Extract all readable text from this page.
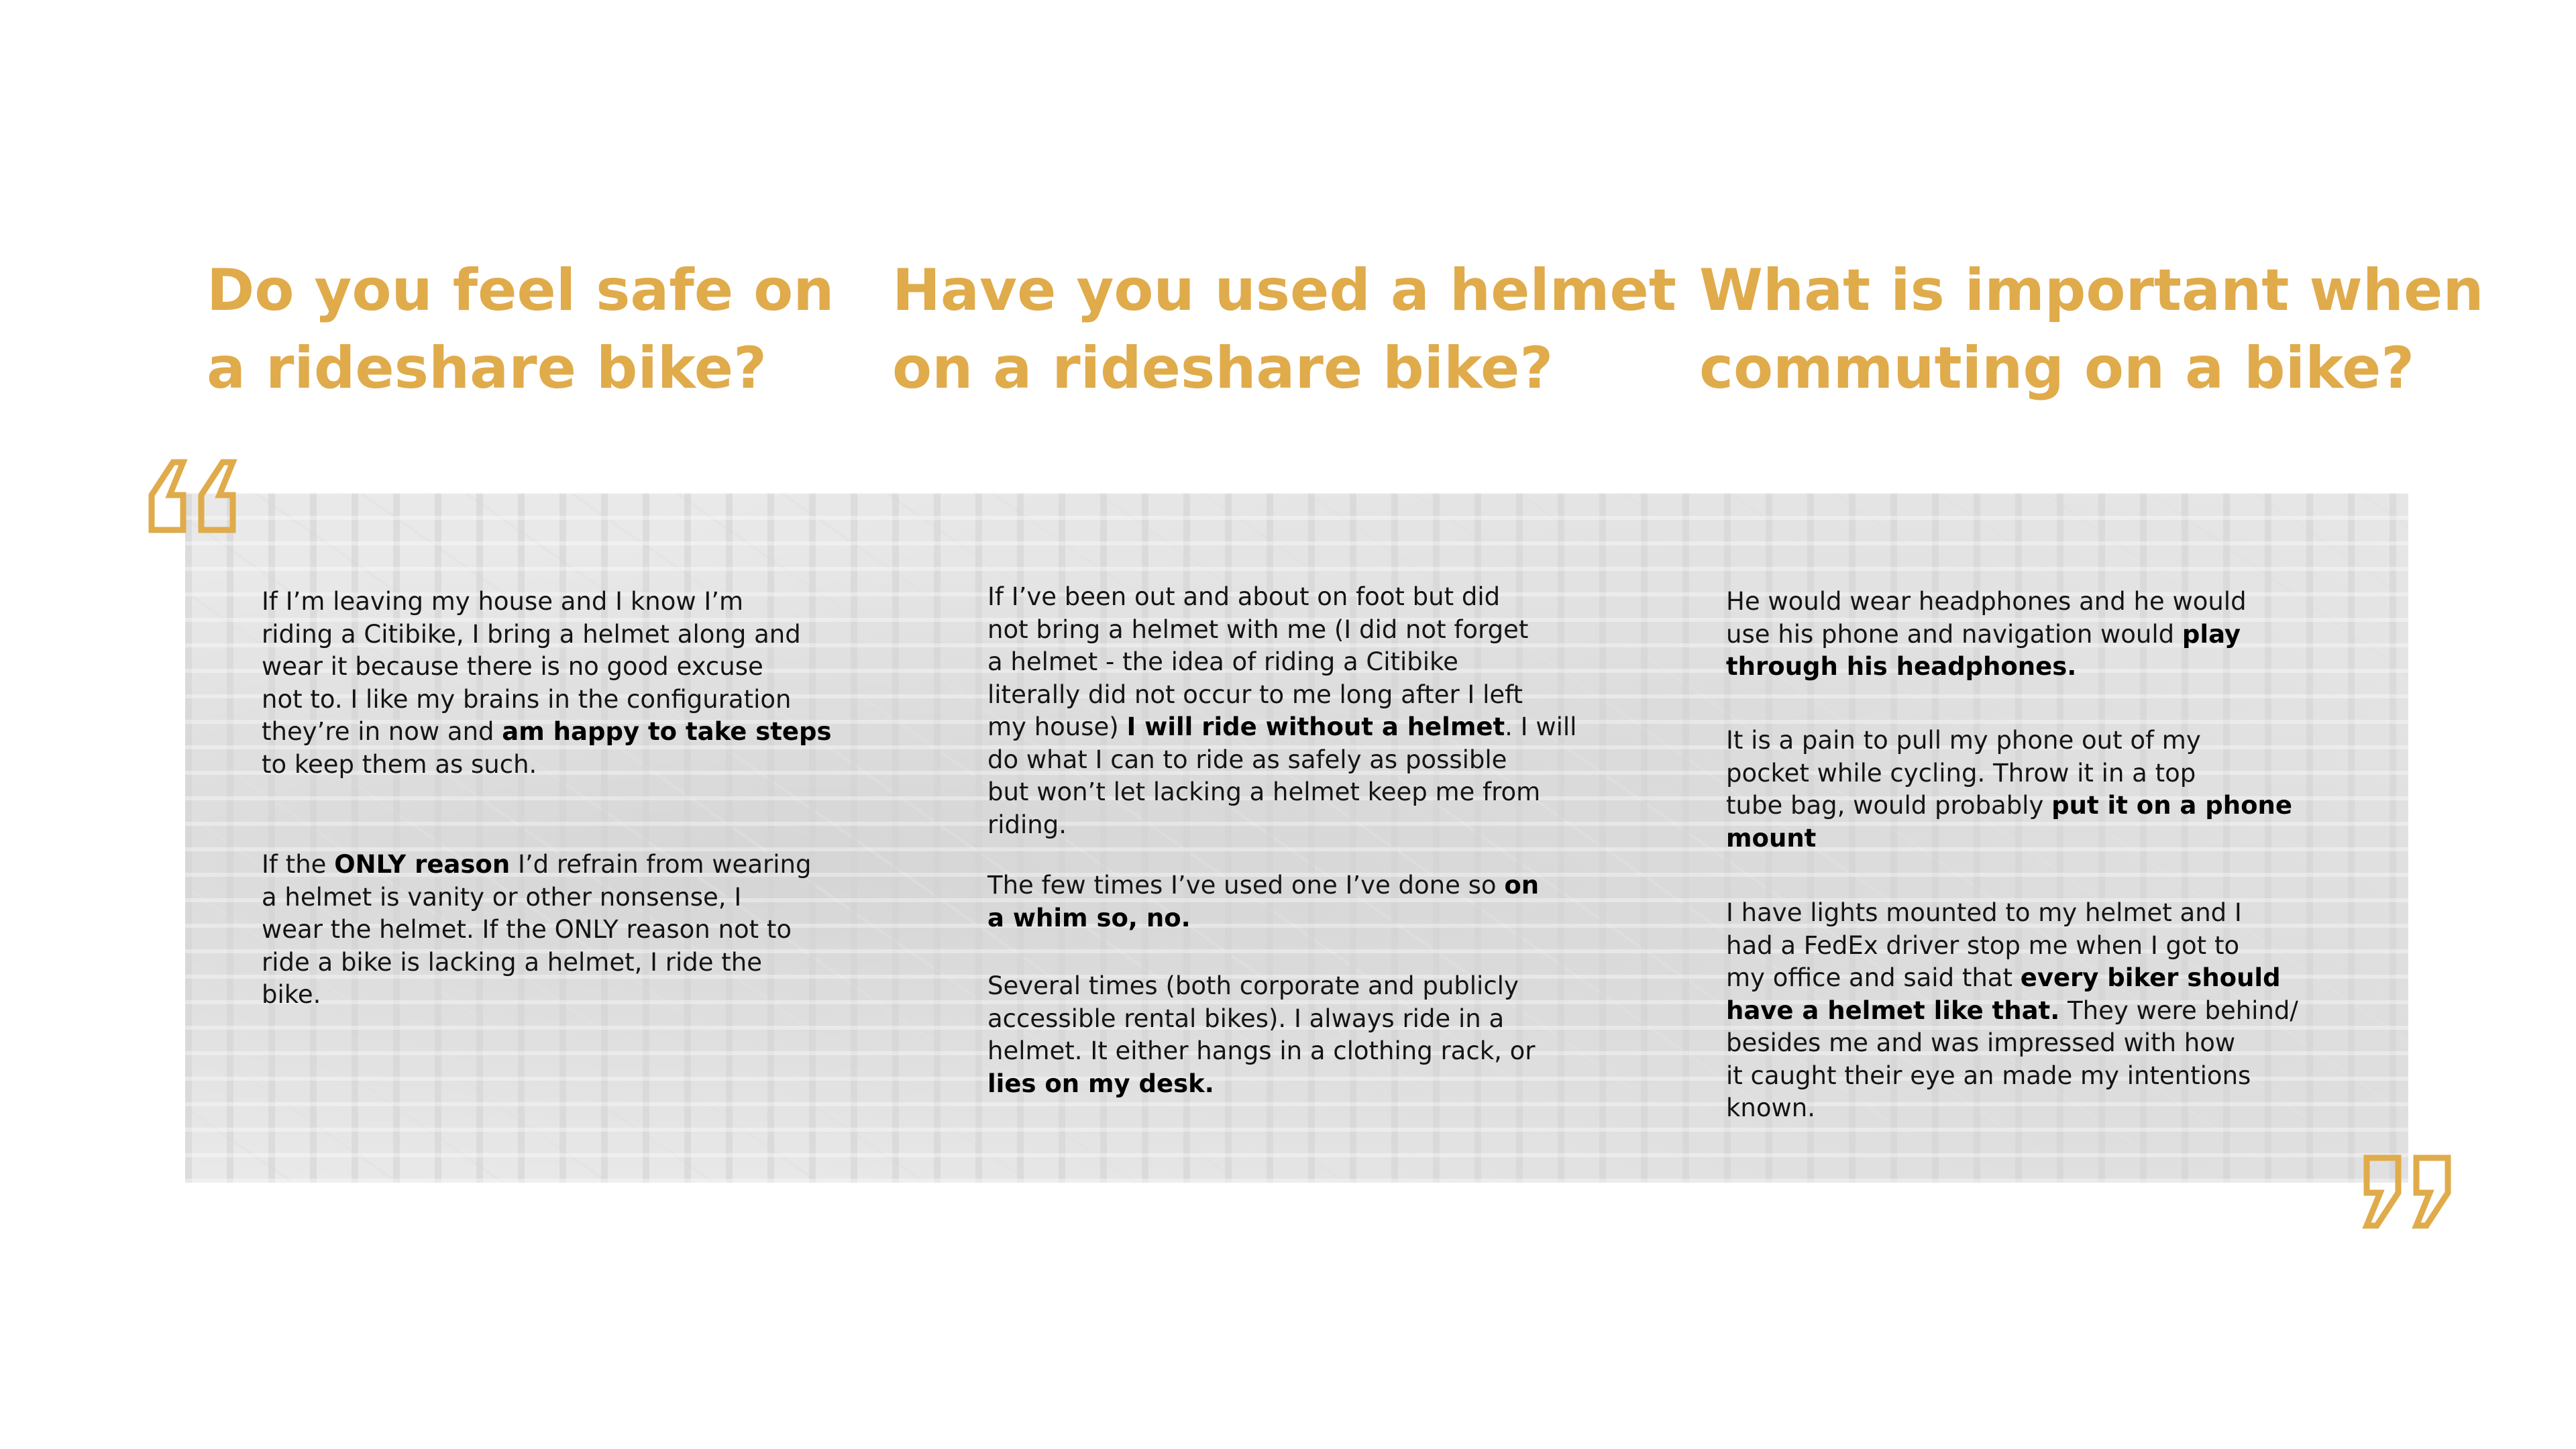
Do you feel safe on
a rideshare bike?
Have you used a helmet
on a rideshare bike?
What is important when
commuting on a bike?

If I’m leaving my house and I know I’m

riding a Citibike, I bring a helmet along and

wear it because there is no good excuse

not to. I like my brains in the configuration

they’re in now and am happy to take steps

to keep them as such.

If the ONLY reason I’d refrain from wearing

a helmet is vanity or other nonsense, I

wear the helmet. If the ONLY reason not to

ride a bike is lacking a helmet, I ride the

bike.

If I’ve been out and about on foot but did

not bring a helmet with me (I did not forget

a helmet - the idea of riding a Citibike

literally did not occur to me long after I left

my house) I will ride without a helmet. I will

do what I can to ride as safely as possible

but won’t let lacking a helmet keep me from

riding.

The few times I’ve used one I’ve done so on

a whim so, no.

Several times (both corporate and publicly

accessible rental bikes). I always ride in a

helmet. It either hangs in a clothing rack, or

lies on my desk.

He would wear headphones and he would

use his phone and navigation would play

through his headphones.

It is a pain to pull my phone out of my

pocket while cycling. Throw it in a top

tube bag, would probably put it on a phone

mount

I have lights mounted to my helmet and I

had a FedEx driver stop me when I got to

my office and said that every biker should

have a helmet like that. They were behind/

besides me and was impressed with how

it caught their eye an made my intentions

known.
